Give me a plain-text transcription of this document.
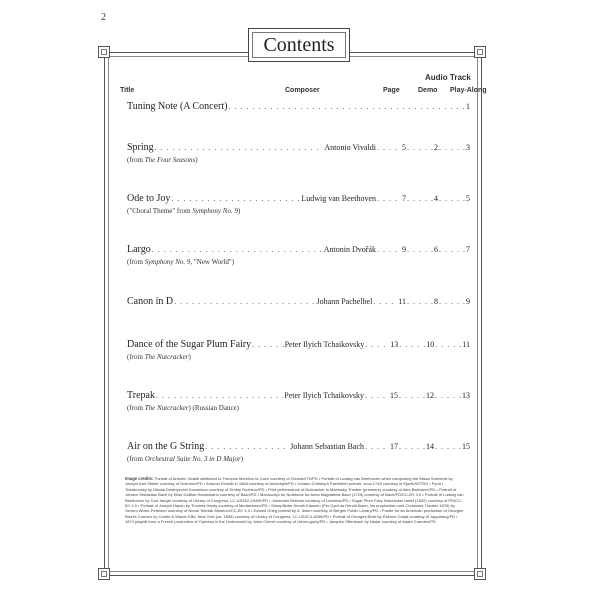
2
Contents
Audio Track
Title	Composer	Page	Demo Play-Along
Tuning Note (A Concert) . . .	1
Spring . . .	Antonio Vivaldi . . .	5 . . .	2 . . .	3
(from The Four Seasons)
Ode to Joy . . .	Ludwig van Beethoven . . .	7 . . .	4 . . .	5
("Choral Theme" from Symphony No. 9)
Largo . . .	Antonin Dvořák . . .	9 . . .	6 . . .	7
(from Symphony No. 9, "New World")
Canon in D . . .	Johann Pachelbel . . .	11 . . .	8 . . .	9
Dance of the Sugar Plum Fairy . . .	Peter Ilyich Tchaikovsky . . .	13 . . .	10 . . .	11
(from The Nutcracker)
Trepak . . .	Peter Ilyich Tchaikovsky . . .	15 . . .	12 . . .	13
(from The Nutcracker) (Russian Dance)
Air on the G String . . .	Johann Sebastian Bach . . .	17 . . .	14 . . .	15
(from Orchestral Suite No. 3 in D Major)
Image credits: Portrait of Antonio Vivaldi attributed to François Morellon la Cave courtesy of Ornatio/ITS/PD • Portrait of Ludwig van Beethoven when composing the Missa Solemnis by Joseph Karl Stieler courtesy of Dnimmic/PD • Antonín Dvořák in 1868 courtesy of Andrzejek/PD • Johann Christoph Pachelbel portrait, circa 1748 courtesy of Kjuell/ASTRO • Pyotr I. Tchaikovsky by Nikolai Dmitriyevich Kuznetsov courtesy of Dmitry Rozhkov/PD • Print performance of Nutcracker in Mariinsky Theater (premiere) courtesy of Alex Bakharev/PD • Portrait of Johann Sebastian Bach by Elias Gottlob Haussmann courtesy of Bach/PD • Manuscript for Notebook for Anna Magdalena Bach (1725) courtesy of Bach/PD/CC-BY 4.0 • Portrait of Ludwig van Beethoven by Carl Jaeger courtesy of Library of Congress, LC-USZ62-29499/PD • Johannes Brahms courtesy of Loveless/PD • Sugar Plum Fairy Nutcracker ballet (1892) courtesy of PD/CC-BY 4.0 • Portrait of Joseph Haydn by Thomas Hardy courtesy of Mediacomm/PD • Stumpflinter Henrik Klausen (Per Gynt as Henrik Ibsen, his propbethen and Christmas Theater 1876) by Severo Worm-Petersen courtesy of Norsk Teknisk Museum/CC-BY 4.0 • Edvard Grieg portrait by A. Ibsen courtesy of Bergen Public Library/PD • Poster for an American production of Georges Bizet's Carmen by Corbin & Wauer-Ellis, New York (ca. 1896) courtesy of Library of Congress, LC-USZC4-6296/PD • Portrait of Georges Bizet by Étienne Carjat courtesy of Jappalang/PD • 1874 playbill from a French production of Orpheus in the Underworld by Jules Chéret courtesy of Urban-gwey/PD • Jacques Offenbach by Nadar courtesy of Adam Cuerden/PD
